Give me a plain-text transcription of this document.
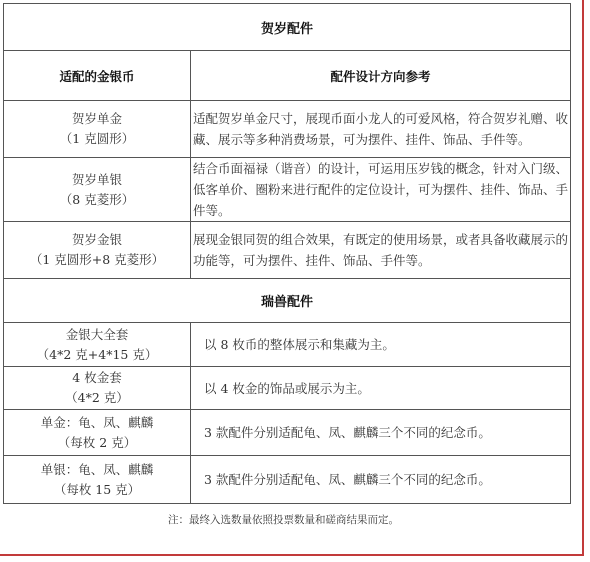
贺岁配件	
适配的金银币	配件设计方向参考

贺岁单金
（1 克圆形）	适配贺岁单金尺寸，展现币面小龙人的可爱风格，符合贺岁礼赠、收藏、展示等多种消费场景，可为摆件、挂件、饰品、手件等。

贺岁单银
（8 克菱形）	结合币面福禄（谐音）的设计，可运用压岁钱的概念，针对入门级、低客单价、圈粉来进行配件的定位设计，可为摆件、挂件、饰品、手件等。

贺岁金银
（1 克圆形+8 克菱形）	展现金银同贺的组合效果，有既定的使用场景，或者具备收藏展示的功能等，可为摆件、挂件、饰品、手件等。
瑞兽配件	

金银大全套
（4*2 克+4*15 克）	以 8 枚币的整体展示和集藏为主。

4 枚金套
（4*2 克）	以 4 枚金的饰品或展示为主。

单金：龟、凤、麒麟
（每枚 2 克）	3 款配件分别适配龟、凤、麒麟三个不同的纪念币。

单银：龟、凤、麒麟
（每枚 15 克）	3 款配件分别适配龟、凤、麒麟三个不同的纪念币。
注：最终入选数量依照投票数量和磋商结果而定。
